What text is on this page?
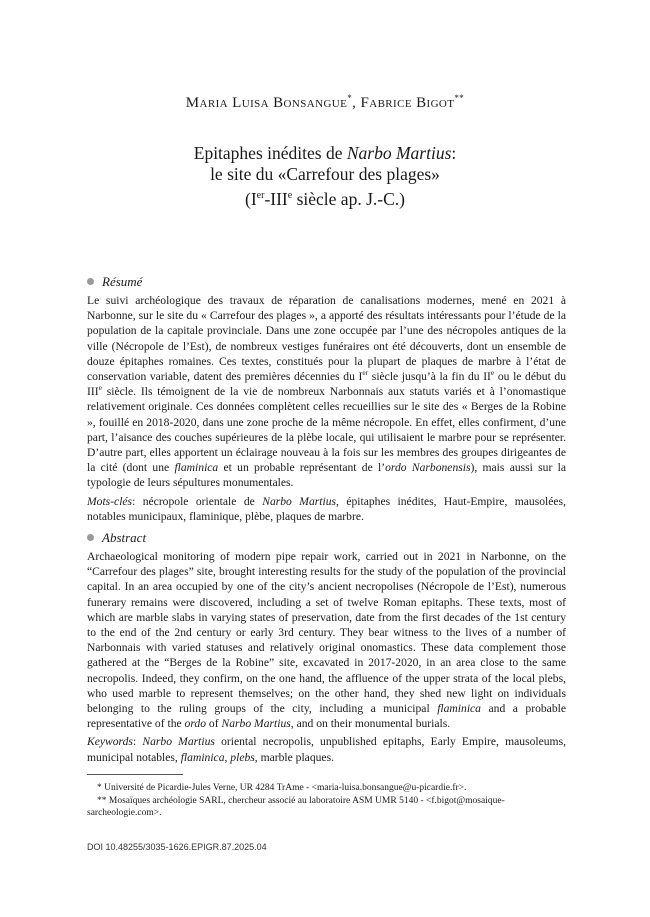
Maria Luisa Bonsangue*, Fabrice Bigot**
Epitaphes inédites de Narbo Martius:
le site du «Carrefour des plages»
(Ier-IIIe siècle ap. J.-C.)
Résumé

Le suivi archéologique des travaux de réparation de canalisations modernes, mené en 2021 à Narbonne, sur le site du « Carrefour des plages », a apporté des résultats intéressants pour l’étude de la population de la capitale provinciale. Dans une zone occupée par l’une des nécropoles antiques de la ville (Nécropole de l’Est), de nombreux vestiges funéraires ont été découverts, dont un ensemble de douze épitaphes romaines. Ces textes, constitués pour la plupart de plaques de marbre à l’état de conservation variable, datent des premières décennies du Ier siècle jusqu’à la fin du IIe ou le début du IIIe siècle. Ils témoignent de la vie de nombreux Narbonnais aux statuts variés et à l’onomastique relativement originale. Ces données complètent celles recueillies sur le site des « Berges de la Robine », fouillé en 2018-2020, dans une zone proche de la même nécropole. En effet, elles confirment, d’une part, l’aisance des couches supérieures de la plèbe locale, qui utilisaient le marbre pour se représenter. D’autre part, elles apportent un éclairage nouveau à la fois sur les membres des groupes dirigeantes de la cité (dont une flaminica et un probable représentant de l’ordo Narbonensis), mais aussi sur la typologie de leurs sépultures monumentales.

Mots-clés: nécropole orientale de Narbo Martius, épitaphes inédites, Haut-Empire, mausolées, notables municipaux, flaminique, plèbe, plaques de marbre.

Abstract

Archaeological monitoring of modern pipe repair work, carried out in 2021 in Narbonne, on the “Carrefour des plages” site, brought interesting results for the study of the population of the provincial capital. In an area occupied by one of the city’s ancient necropolises (Nécropole de l’Est), numerous funerary remains were discovered, including a set of twelve Roman epitaphs. These texts, most of which are marble slabs in varying states of preservation, date from the first decades of the 1st century to the end of the 2nd century or early 3rd century. They bear witness to the lives of a number of Narbonnais with varied statuses and relatively original onomastics. These data complement those gathered at the “Berges de la Robine” site, excavated in 2017-2020, in an area close to the same necropolis. Indeed, they confirm, on the one hand, the affluence of the upper strata of the local plebs, who used marble to represent themselves; on the other hand, they shed new light on individuals belonging to the ruling groups of the city, including a municipal flaminica and a probable representative of the ordo of Narbo Martius, and on their monumental burials.

Keywords: Narbo Martius oriental necropolis, unpublished epitaphs, Early Empire, mausoleums, municipal notables, flaminica, plebs, marble plaques.

* Université de Picardie-Jules Verne, UR 4284 TrAme - <maria-luisa.bonsangue@u-picardie.fr>.

** Mosaïques archéologie SARL, chercheur associé au laboratoire ASM UMR 5140 - <f.bigot@mosaique-sarcheologie.com>.

DOI 10.48255/3035-1626.EPIGR.87.2025.04
